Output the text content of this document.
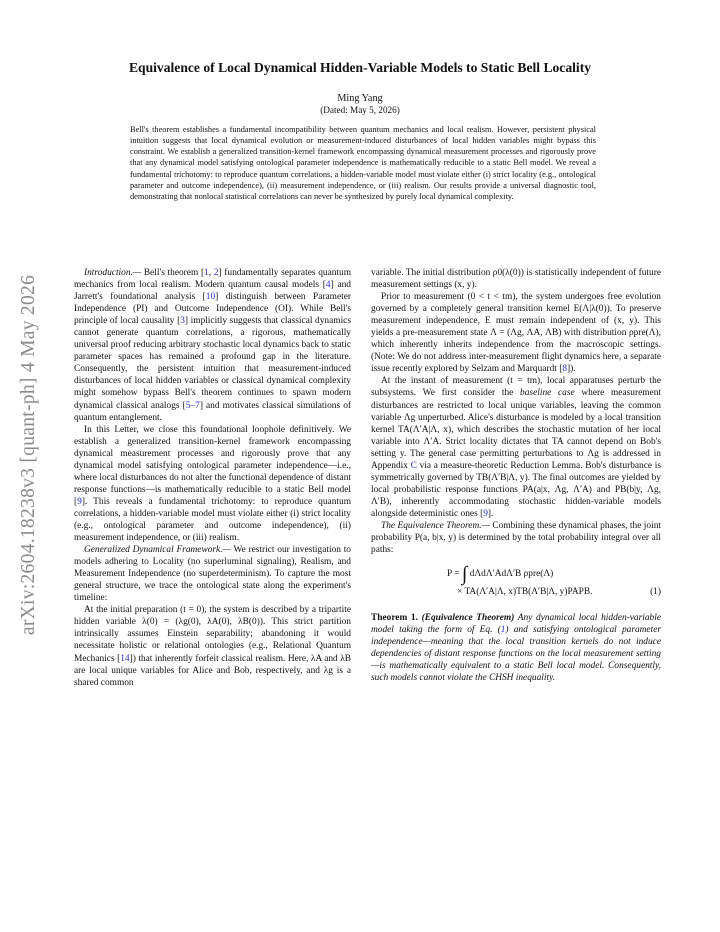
arXiv:2604.18238v3 [quant-ph] 4 May 2026
Equivalence of Local Dynamical Hidden-Variable Models to Static Bell Locality
Ming Yang
(Dated: May 5, 2026)
Bell's theorem establishes a fundamental incompatibility between quantum mechanics and local realism. However, persistent physical intuition suggests that local dynamical evolution or measurement-induced disturbances of local hidden variables might bypass this constraint. We establish a generalized transition-kernel framework encompassing dynamical measurement processes and rigorously prove that any dynamical model satisfying ontological parameter independence is mathematically reducible to a static Bell model. We reveal a fundamental trichotomy: to reproduce quantum correlations, a hidden-variable model must violate either (i) strict locality (e.g., ontological parameter and outcome independence), (ii) measurement independence, or (iii) realism. Our results provide a universal diagnostic tool, demonstrating that nonlocal statistical correlations can never be synthesized by purely local dynamical complexity.

Introduction.— Bell's theorem [1, 2] fundamentally separates quantum mechanics from local realism. Modern quantum causal models [4] and Jarrett's foundational analysis [10] distinguish between Parameter Independence (PI) and Outcome Independence (OI). While Bell's principle of local causality [3] implicitly suggests that classical dynamics cannot generate quantum correlations, a rigorous, mathematically universal proof reducing arbitrary stochastic local dynamics back to static parameter spaces has remained a profound gap in the literature. Consequently, the persistent intuition that measurement-induced disturbances of local hidden variables or classical dynamical complexity might somehow bypass Bell's theorem continues to spawn modern dynamical classical analogs [5–7] and motivates classical simulations of quantum entanglement.

In this Letter, we close this foundational loophole definitively. We establish a generalized transition-kernel framework encompassing dynamical measurement processes and rigorously prove that any dynamical model satisfying ontological parameter independence—i.e., where local disturbances do not alter the functional dependence of distant response functions—is mathematically reducible to a static Bell model [9]. This reveals a fundamental trichotomy: to reproduce quantum correlations, a hidden-variable model must violate either (i) strict locality (e.g., ontological parameter and outcome independence), (ii) measurement independence, or (iii) realism.

Generalized Dynamical Framework.— We restrict our investigation to models adhering to Locality (no superluminal signaling), Realism, and Measurement Independence (no superdeterminism). To capture the most general structure, we trace the ontological state along the experiment's timeline:

At the initial preparation (t = 0), the system is described by a tripartite hidden variable λ(0) = (λg(0), λA(0), λB(0)). This strict partition intrinsically assumes Einstein separability; abandoning it would necessitate holistic or relational ontologies (e.g., Relational Quantum Mechanics [14]) that inherently forfeit classical realism. Here, λA and λB are local unique variables for Alice and Bob, respectively, and λg is a shared common

variable. The initial distribution ρ0(λ(0)) is statistically independent of future measurement settings (x, y).

Prior to measurement (0 < t < tm), the system undergoes free evolution governed by a completely general transition kernel E(Λ|λ(0)). To preserve measurement independence, E must remain independent of (x, y). This yields a pre-measurement state Λ = (Λg, ΛA, ΛB) with distribution ρpre(Λ), which inherently inherits independence from the macroscopic settings. (Note: We do not address inter-measurement flight dynamics here, a separate issue recently explored by Selzam and Marquardt [8]).

At the instant of measurement (t = tm), local apparatuses perturb the subsystems. We first consider the baseline case where measurement disturbances are restricted to local unique variables, leaving the common variable Λg unperturbed. Alice's disturbance is modeled by a local transition kernel TA(Λ′A|Λ, x), which describes the stochastic mutation of her local variable into Λ′A. Strict locality dictates that TA cannot depend on Bob's setting y. The general case permitting perturbations to Λg is addressed in Appendix C via a measure-theoretic Reduction Lemma. Bob's disturbance is symmetrically governed by TB(Λ′B|Λ, y). The final outcomes are yielded by local probabilistic response functions PA(a|x, Λg, Λ′A) and PB(b|y, Λg, Λ′B), inherently accommodating stochastic hidden-variable models alongside deterministic ones [9].

The Equivalence Theorem.— Combining these dynamical phases, the joint probability P(a, b|x, y) is determined by the total probability integral over all paths:

P = ∫ dΛdΛ′AdΛ′B ρpre(Λ)
× TA(Λ′A|Λ, x)TB(Λ′B|Λ, y)PAPB.	(1)

Theorem 1. (Equivalence Theorem) Any dynamical local hidden-variable model taking the form of Eq. (1) and satisfying ontological parameter independence—meaning that the local transition kernels do not induce dependencies of distant response functions on the local measurement setting—is mathematically equivalent to a static Bell local model. Consequently, such models cannot violate the CHSH inequality.
